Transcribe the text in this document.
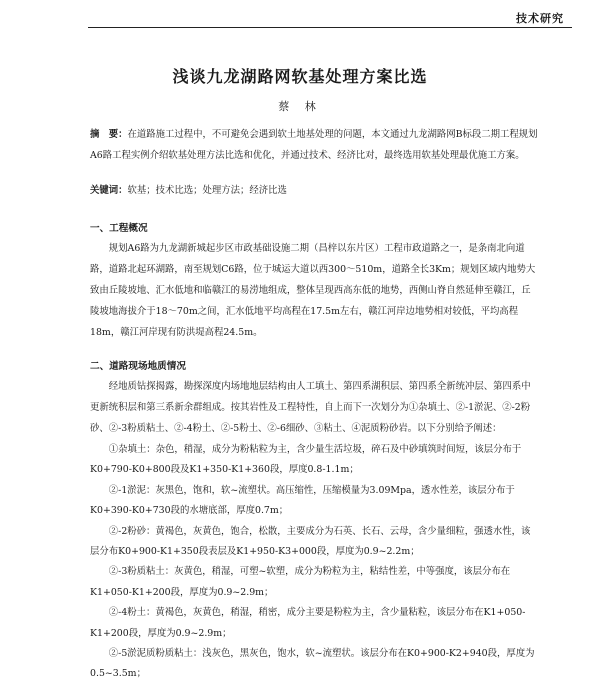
技术研究
浅谈九龙湖路网软基处理方案比选
蔡 林
摘　要：在道路施工过程中，不可避免会遇到软土地基处理的问题，本文通过九龙湖路网B标段二期工程规划A6路工程实例介绍软基处理方法比选和优化，并通过技术、经济比对，最终选用软基处理最优施工方案。
关键词：软基；技术比选；处理方法；经济比选
一、工程概况
规划A6路为九龙湖新城起步区市政基础设施二期（昌梓以东片区）工程市政道路之一，是条南北向道路，道路北起环湖路，南至规划C6路，位于城运大道以西300～510m，道路全长3Km；规划区域内地势大致由丘陵坡地、汇水低地和临赣江的易涝地组成，整体呈现西高东低的地势，西侧山脊自然延伸至赣江，丘陵坡地海拔介于18～70m之间，汇水低地平均高程在17.5m左右，赣江河岸边地势相对较低，平均高程18m，赣江河岸现有防洪堤高程24.5m。
二、道路现场地质情况
经地质钻探揭露，勘探深度内场地地层结构由人工填土、第四系湖积层、第四系全新统冲层、第四系中更新统积层和第三系新余群组成。按其岩性及工程特性，自上而下一次划分为①杂填土、②-1淤泥、②-2粉砂、②-3粉质粘土、②-4粉土、②-5粉土、②-6细砂、③粘土、④泥质粉砂岩。以下分别给予阐述：

①杂填土：杂色，稍湿，成分为粉粘粒为主，含少量生活垃圾，碎石及中砂填筑时间短，该层分布于K0+790-K0+800段及K1+350-K1+360段，厚度0.8-1.1m；

②-1淤泥：灰黑色，饱和，软~流塑状。高压缩性，压缩模量为3.09Mpa，透水性差，该层分布于K0+390-K0+730段的水塘底部，厚度0.7m；

②-2粉砂：黄褐色，灰黄色，饱合，松散，主要成分为石英、长石、云母，含少量细粒，强透水性，该层分布K0+900-K1+350段表层及K1+950-K3+000段，厚度为0.9~2.2m；

②-3粉质粘土：灰黄色，稍湿，可塑~软塑，成分为粉粒为主，粘结性差，中等强度，该层分布在K1+050-K1+200段，厚度为0.9~2.9m；

②-4粉土：黄褐色，灰黄色，稍湿，稍密，成分主要是粉粒为主，含少量粘粒，该层分布在K1+050-K1+200段，厚度为0.9~2.9m；

②-5淤泥质粉质粘土：浅灰色，黑灰色，饱水，软~流塑状。该层分布在K0+900-K2+940段，厚度为0.5~3.5m；
